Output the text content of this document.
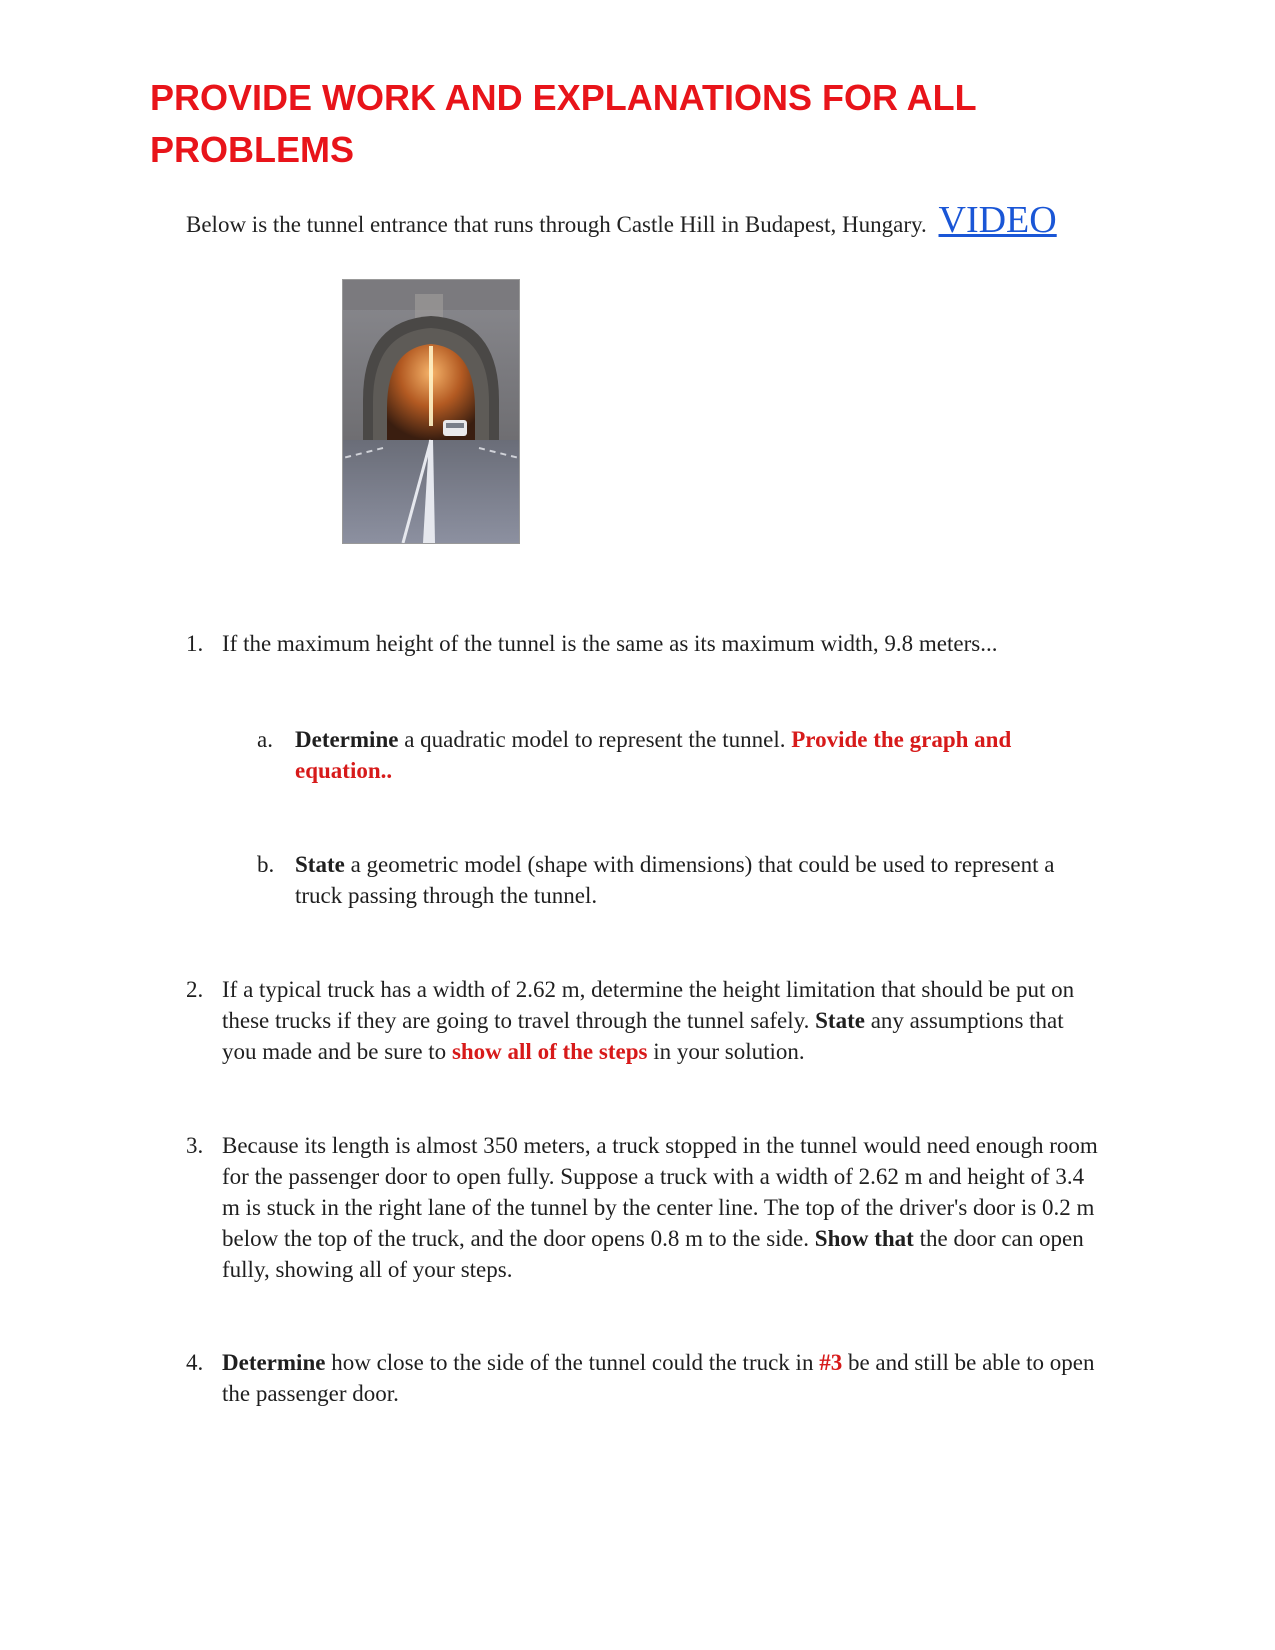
PROVIDE WORK AND EXPLANATIONS FOR ALL PROBLEMS
Below is the tunnel entrance that runs through Castle Hill in Budapest, Hungary. VIDEO
1. If the maximum height of the tunnel is the same as its maximum width, 9.8 meters...
a. Determine a quadratic model to represent the tunnel. Provide the graph and equation..
b. State a geometric model (shape with dimensions) that could be used to represent a truck passing through the tunnel.
2. If a typical truck has a width of 2.62 m, determine the height limitation that should be put on these trucks if they are going to travel through the tunnel safely. State any assumptions that you made and be sure to show all of the steps in your solution.
3. Because its length is almost 350 meters, a truck stopped in the tunnel would need enough room for the passenger door to open fully. Suppose a truck with a width of 2.62 m and height of 3.4 m is stuck in the right lane of the tunnel by the center line. The top of the driver's door is 0.2 m below the top of the truck, and the door opens 0.8 m to the side. Show that the door can open fully, showing all of your steps.
4. Determine how close to the side of the tunnel could the truck in #3 be and still be able to open the passenger door.
